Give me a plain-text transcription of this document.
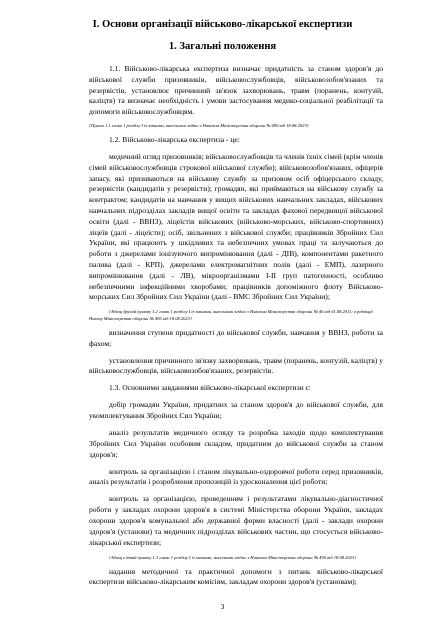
I. Основи організації військово-лікарської експертизи
1. Загальні положення

1.1. Військово-лікарська експертиза визначає придатність за станом здоров'я до військової служби призовників, військовослужбовців, військовозобов'язаних та резервістів, установлює причинний зв'язок захворювань, травм (поранень, контузій, каліцтв) та визначає необхідність і умови застосування медико-соціальної реабілітації та допомоги військовослужбовцям.

{Пункт 1.1 глави 1 розділу I із змінами, внесеними згідно з Наказом Міністерства оборони № 490 від 18.08.2023}

1.2. Військово-лікарська експертиза - це:

медичний огляд призовників; військовослужбовців та членів їхніх сімей (крім членів сімей військовослужбовців строкової військової служби); військовозобов'язаних, офіцерів запасу, які призиваються на військову службу за призовом осіб офіцерського складу, резервістів (кандидатів у резервісти); громадян, які приймаються на військову службу за контрактом; кандидатів на навчання у вищих військових навчальних закладах, військових навчальних підрозділах закладів вищої освіти та закладах фахової передвищої військової освіти (далі - ВВНЗ), ліцеїстів військових (військово-морських, військово-спортивних) ліцеїв (далі - ліцеїсти); осіб, звільнених з військової служби; працівників Збройних Сил України, які працюють у шкідливих та небезпечних умовах праці та залучаються до роботи з джерелами іонізуючого випромінювання (далі - ДІВ), компонентами ракетного палива (далі - КРП), джерелами електромагнітних полів (далі - ЕМП), лазерного випромінювання (далі - ЛВ), мікроорганізмами I-II груп патогенності, особливо небезпечними інфекційними хворобами; працівників допоміжного флоту Військово-морських Сил Збройних Сил України (далі - ВМС Збройних Сил України);

{Абзац другий пункту 1.2 глави 1 розділу I із змінами, внесеними згідно з Наказом Міністерства оборони № 46 від 01.08.2011; в редакції Наказу Міністерства оборони № 490 від 18.08.2023}

визначення ступеня придатності до військової служби, навчання у ВВНЗ, роботи за фахом;

установлення причинного зв'язку захворювань, травм (поранень, контузій, каліцтв) у військовослужбовців, військовозобов'язаних, резервістів.

1.3. Основними завданнями військово-лікарської експертизи є:

добір громадян України, придатних за станом здоров'я до військової служби, для укомплектування Збройних Сил України;

аналіз результатів медичного огляду та розробка заходів щодо комплектування Збройних Сил України особовим складом, придатним до військової служби за станом здоров'я;

контроль за організацією і станом лікувально-оздоровчої роботи серед призовників, аналіз результатів і розроблення пропозицій із удосконалення цієї роботи;

контроль за організацією, проведенням і результатами лікувально-діагностичної роботи у закладах охорони здоров'я в системі Міністерства оборони України, закладах охорони здоров'я комунальної або державної форми власності (далі - заклади охорони здоров'я (установи) та медичних підрозділах військових частин, що стосується військово-лікарської експертизи;

{Абзац п'ятий пункту 1.3 глави 1 розділу I із змінами, внесеними згідно з Наказом Міністерства оборони № 490 від 18.08.2023}

надання методичної та практичної допомоги з питань військово-лікарської експертизи військово-лікарським комісіям, закладам охорони здоров'я (установам);

3
